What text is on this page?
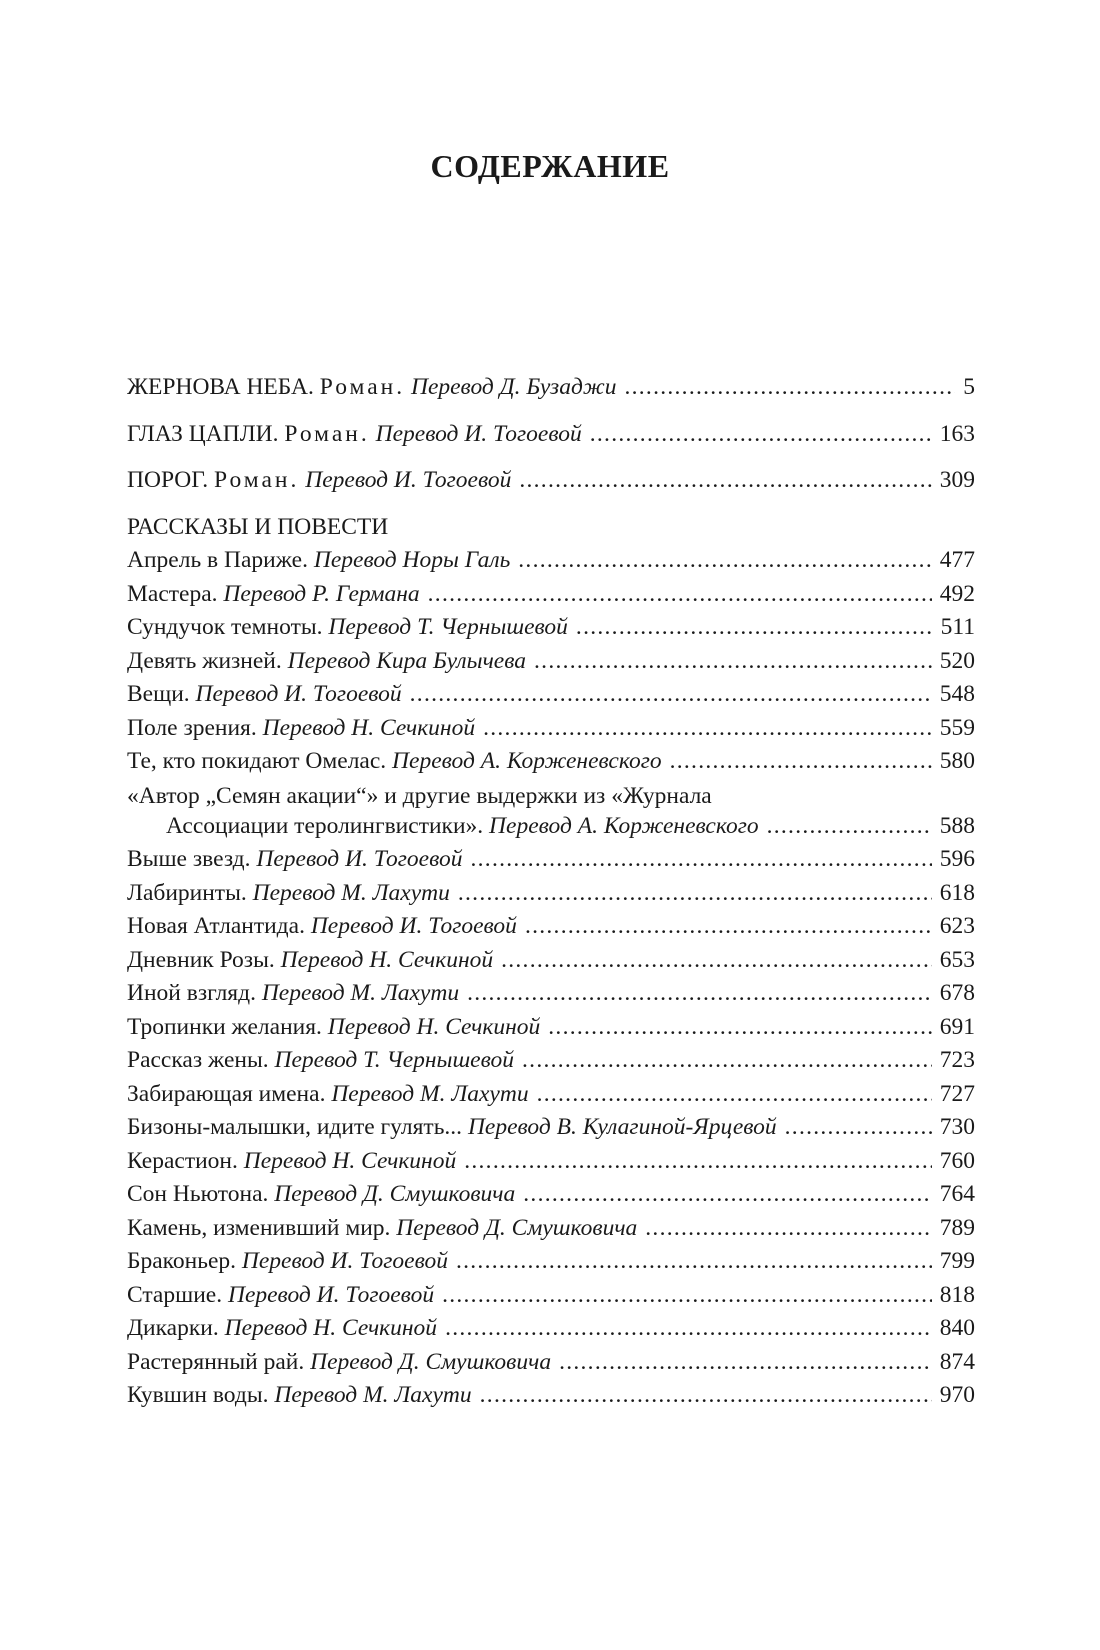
СОДЕРЖАНИЕ
ЖЕРНОВА НЕБА. Роман. Перевод Д. Бузаджи . . .	5
ГЛАЗ ЦАПЛИ. Роман. Перевод И. Тогоевой . . .	163
ПОРОГ. Роман. Перевод И. Тогоевой . . .	309
РАССКАЗЫ И ПОВЕСТИ
Апрель в Париже. Перевод Норы Галь . . .	477
Мастера. Перевод Р. Германа . . .	492
Сундучок темноты. Перевод Т. Чернышевой . . .	511
Девять жизней. Перевод Кира Булычева . . .	520
Вещи. Перевод И. Тогоевой . . .	548
Поле зрения. Перевод Н. Сечкиной . . .	559
Те, кто покидают Омелас. Перевод А. Корженевского . . .	580
«Автор „Семян акации“» и другие выдержки из «Журнала
Ассоциации теролингвистики». Перевод А. Корженевского . . .	588
Выше звезд. Перевод И. Тогоевой . . .	596
Лабиринты. Перевод М. Лахути . . .	618
Новая Атлантида. Перевод И. Тогоевой . . .	623
Дневник Розы. Перевод Н. Сечкиной . . .	653
Иной взгляд. Перевод М. Лахути . . .	678
Тропинки желания. Перевод Н. Сечкиной . . .	691
Рассказ жены. Перевод Т. Чернышевой . . .	723
Забирающая имена. Перевод М. Лахути . . .	727
Бизоны-малышки, идите гулять... Перевод В. Кулагиной-Ярцевой . . .	730
Керастион. Перевод Н. Сечкиной . . .	760
Сон Ньютона. Перевод Д. Смушковича . . .	764
Камень, изменивший мир. Перевод Д. Смушковича . . .	789
Браконьер. Перевод И. Тогоевой . . .	799
Старшие. Перевод И. Тогоевой . . .	818
Дикарки. Перевод Н. Сечкиной . . .	840
Растерянный рай. Перевод Д. Смушковича . . .	874
Кувшин воды. Перевод М. Лахути . . .	970
